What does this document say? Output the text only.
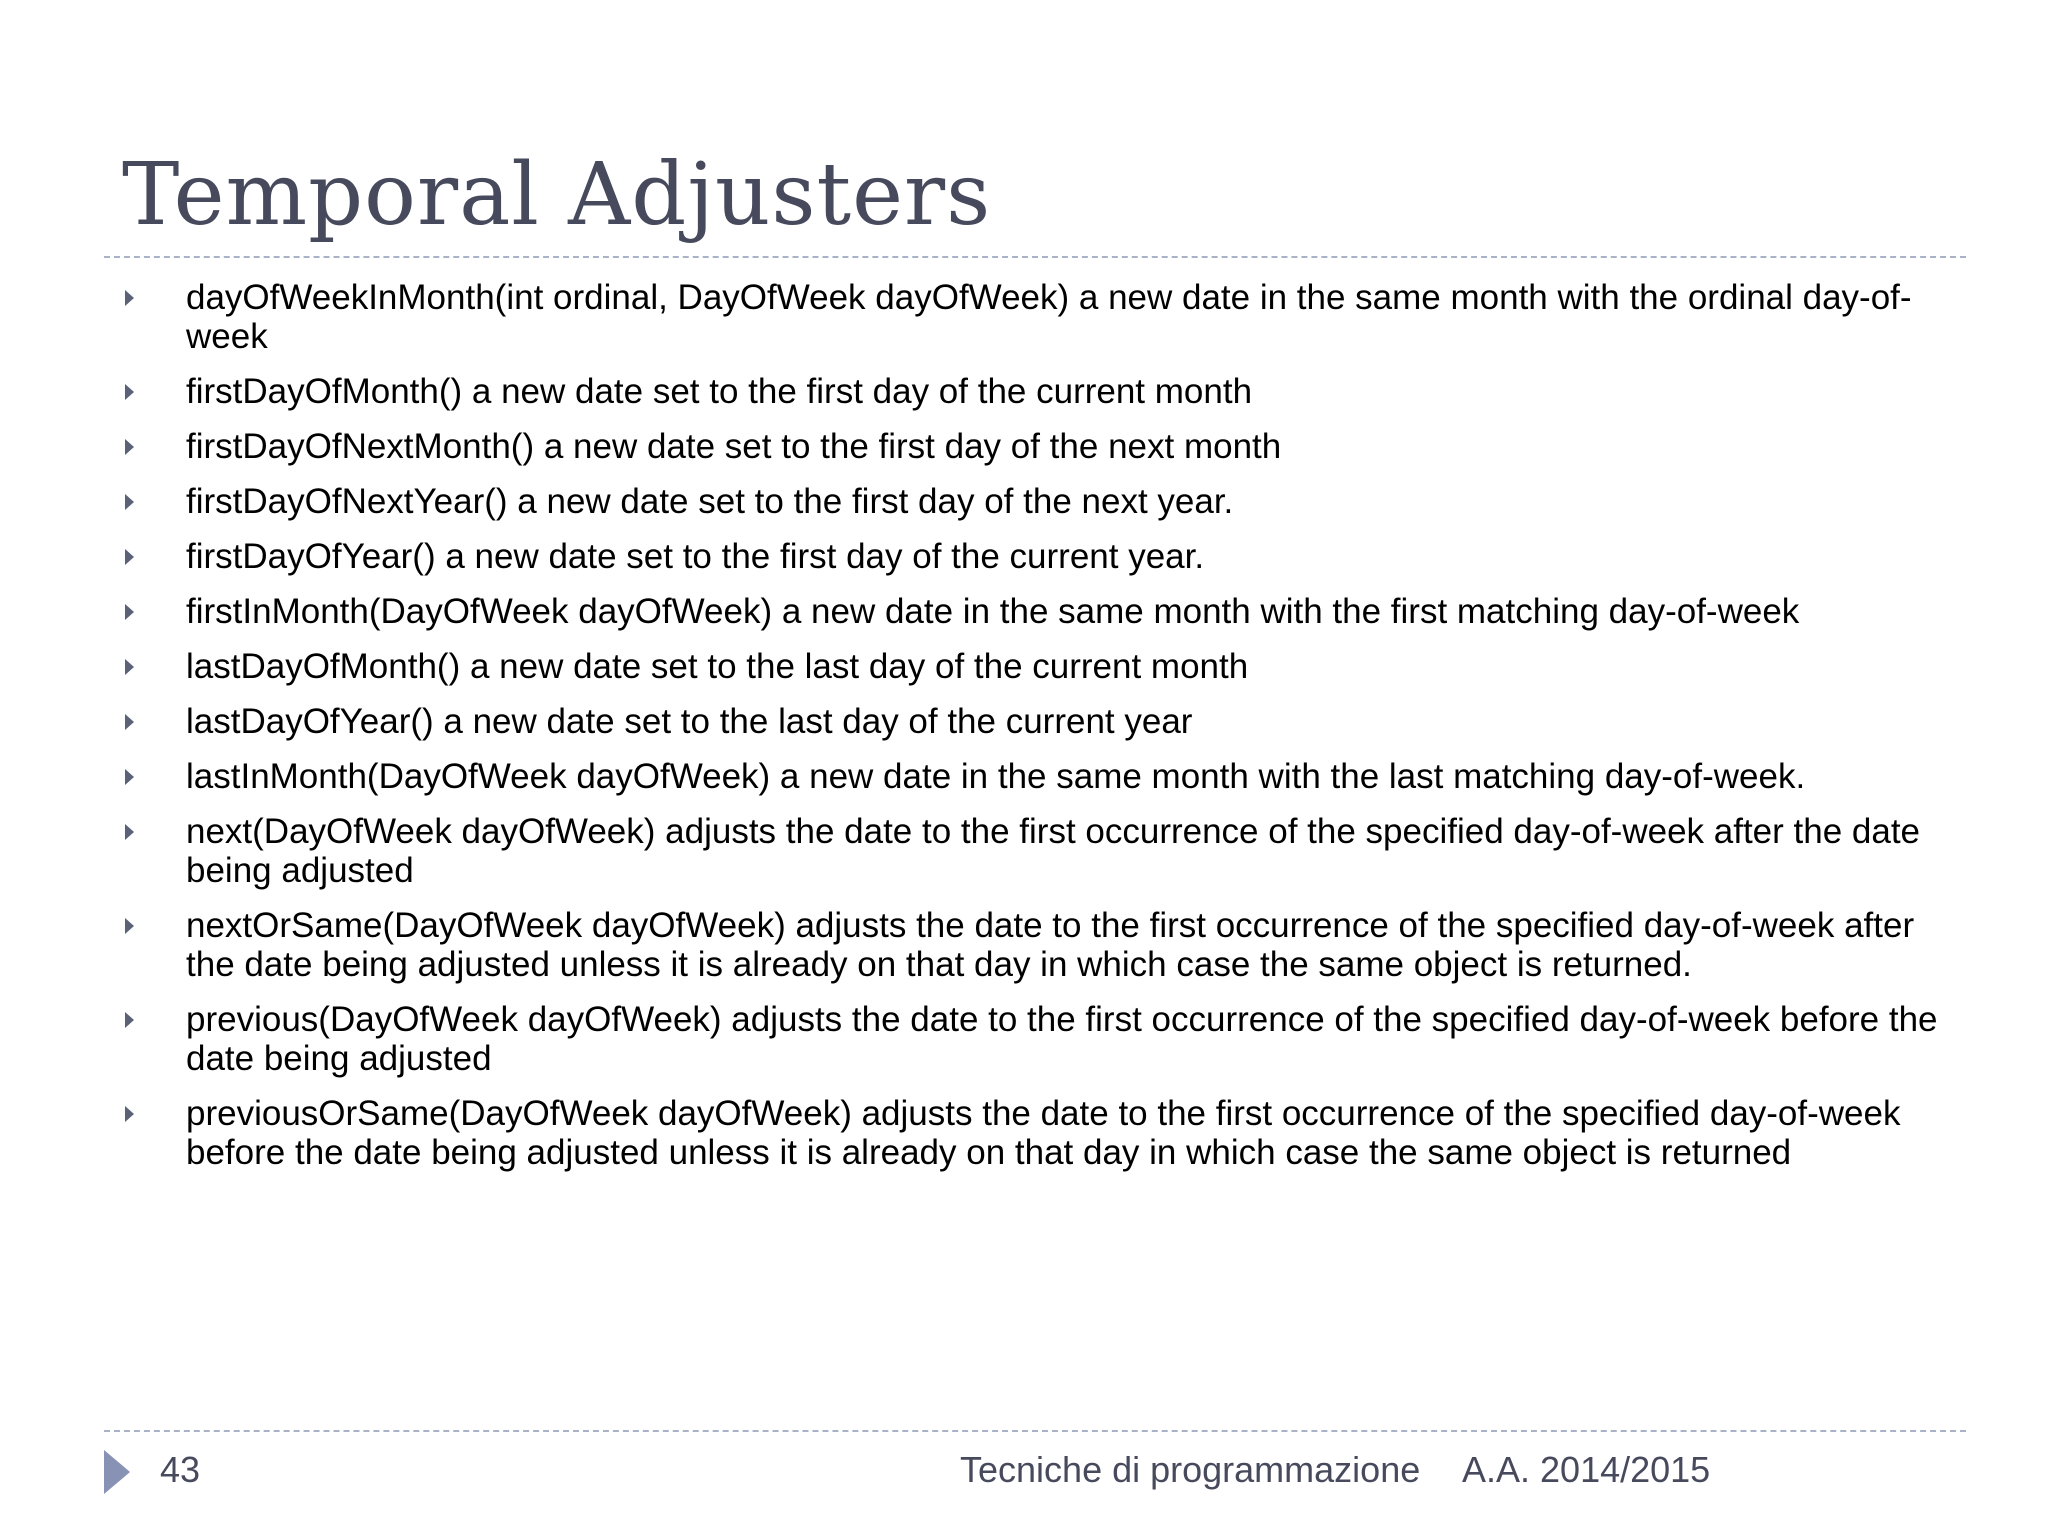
Temporal Adjusters
dayOfWeekInMonth(int ordinal, DayOfWeek dayOfWeek) a new date in the same month with the ordinal day-of-week
firstDayOfMonth() a new date set to the first day of the current month
firstDayOfNextMonth() a new date set to the first day of the next month
firstDayOfNextYear() a new date set to the first day of the next year.
firstDayOfYear() a new date set to the first day of the current year.
firstInMonth(DayOfWeek dayOfWeek) a new date in the same month with the first matching day-of-week
lastDayOfMonth() a new date set to the last day of the current month
lastDayOfYear() a new date set to the last day of the current year
lastInMonth(DayOfWeek dayOfWeek) a new date in the same month with the last matching day-of-week.
next(DayOfWeek dayOfWeek) adjusts the date to the first occurrence of the specified day-of-week after the date being adjusted
nextOrSame(DayOfWeek dayOfWeek) adjusts the date to the first occurrence of the specified day-of-week after the date being adjusted unless it is already on that day in which case the same object is returned.
previous(DayOfWeek dayOfWeek) adjusts the date to the first occurrence of the specified day-of-week before the date being adjusted
previousOrSame(DayOfWeek dayOfWeek) adjusts the date to the first occurrence of the specified day-of-week before the date being adjusted unless it is already on that day in which case the same object is returned
43	Tecniche di programmazione A.A. 2014/2015
